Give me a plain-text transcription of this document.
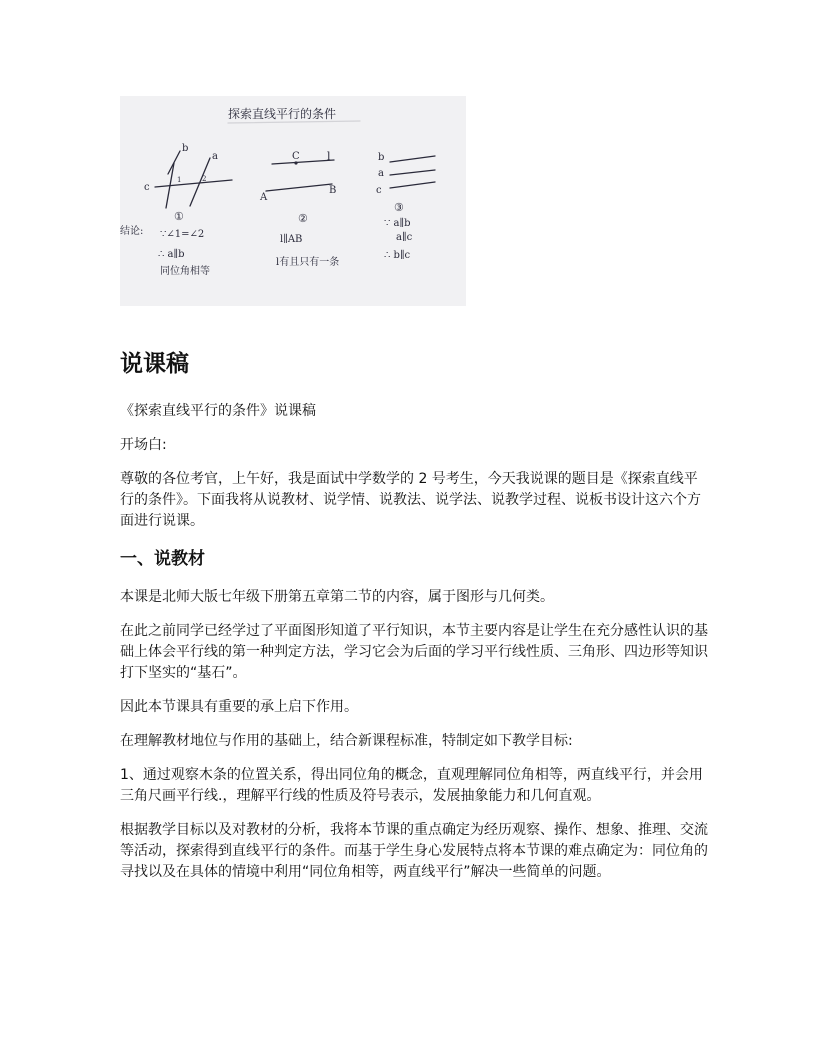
探索直线平行的条件
b
a
c
1	2
①
结论: ∵∠1=∠2
∴ a∥b
同位角相等
C l
A
B
②
l∥AB
l有且只有一条
b
a
c
③
∵ a∥b
a∥c
∴ b∥c
说课稿

《探索直线平行的条件》说课稿

开场白:

尊敬的各位考官，上午好，我是面试中学数学的 2 号考生，今天我说课的题目是《探索直线平行的条件》。下面我将从说教材、说学情、说教法、说学法、说教学过程、说板书设计这六个方面进行说课。

一、说教材

本课是北师大版七年级下册第五章第二节的内容，属于图形与几何类。

在此之前同学已经学过了平面图形知道了平行知识，本节主要内容是让学生在充分感性认识的基础上体会平行线的第一种判定方法，学习它会为后面的学习平行线性质、三角形、四边形等知识打下坚实的“基石”。

因此本节课具有重要的承上启下作用。

在理解教材地位与作用的基础上，结合新课程标准，特制定如下教学目标:

1、通过观察木条的位置关系，得出同位角的概念，直观理解同位角相等，两直线平行，并会用三角尺画平行线.，理解平行线的性质及符号表示，发展抽象能力和几何直观。

根据教学目标以及对教材的分析，我将本节课的重点确定为经历观察、操作、想象、推理、交流等活动，探索得到直线平行的条件。而基于学生身心发展特点将本节课的难点确定为：同位角的寻找以及在具体的情境中利用“同位角相等，两直线平行”解决一些简单的问题。
